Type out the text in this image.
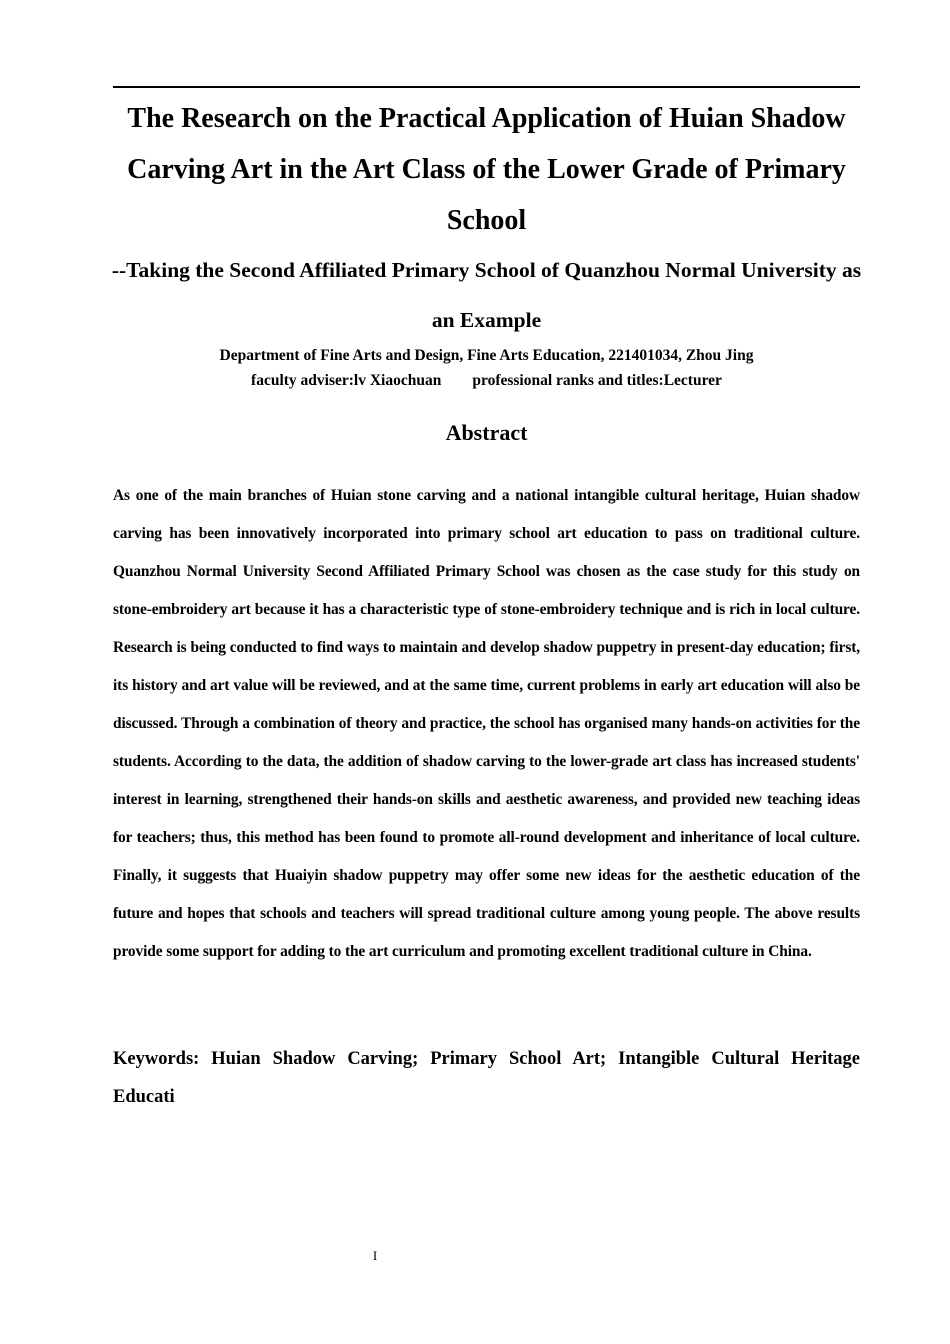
The Research on the Practical Application of Huian Shadow Carving Art in the Art Class of the Lower Grade of Primary School
--Taking the Second Affiliated Primary School of Quanzhou Normal University as an Example

Department of Fine Arts and Design, Fine Arts Education, 221401034, Zhou Jing

faculty adviser:lv Xiaochuan        professional ranks and titles:Lecturer

Abstract

As one of the main branches of Huian stone carving and a national intangible cultural heritage, Huian shadow carving has been innovatively incorporated into primary school art education to pass on traditional culture. Quanzhou Normal University Second Affiliated Primary School was chosen as the case study for this study on stone-embroidery art because it has a characteristic type of stone-embroidery technique and is rich in local culture. Research is being conducted to find ways to maintain and develop shadow puppetry in present-day education; first, its history and art value will be reviewed, and at the same time, current problems in early art education will also be discussed. Through a combination of theory and practice, the school has organised many hands-on activities for the students. According to the data, the addition of shadow carving to the lower-grade art class has increased students' interest in learning, strengthened their hands-on skills and aesthetic awareness, and provided new teaching ideas for teachers; thus, this method has been found to promote all-round development and inheritance of local culture. Finally, it suggests that Huaiyin shadow puppetry may offer some new ideas for the aesthetic education of the future and hopes that schools and teachers will spread traditional culture among young people. The above results provide some support for adding to the art curriculum and promoting excellent traditional culture in China.

Keywords: Huian Shadow Carving; Primary School Art; Intangible Cultural Heritage Educati

I
